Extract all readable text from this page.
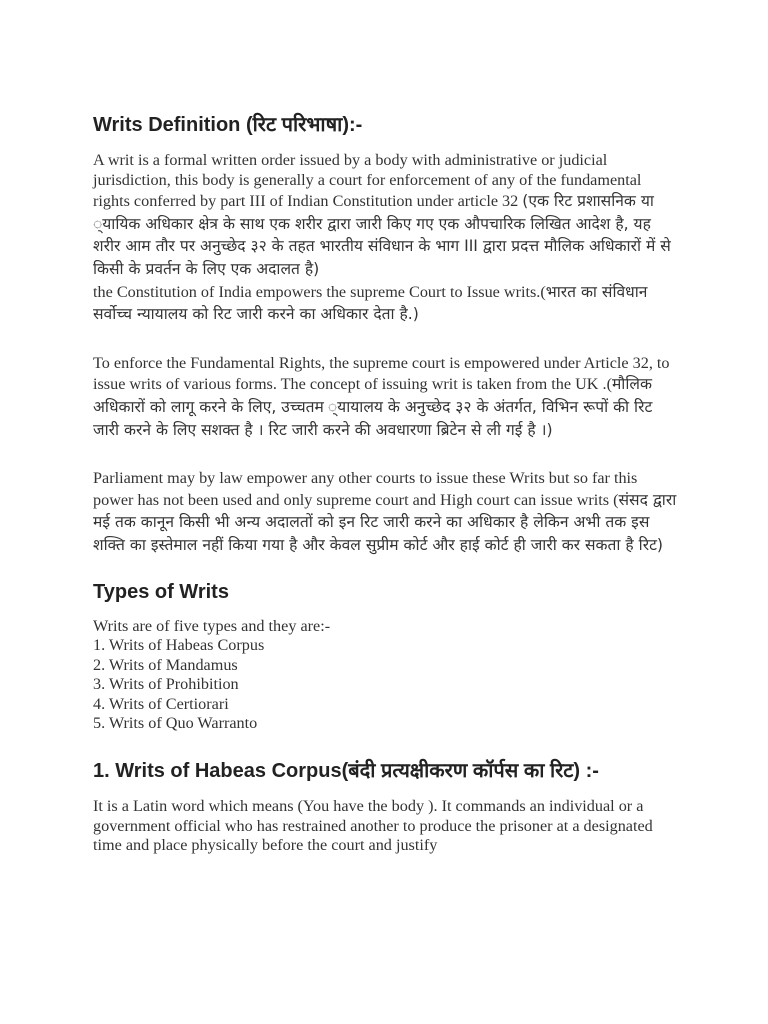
Writs Definition (रिट परिभाषा):-

A writ is a formal written order issued by a body with administrative or judicial jurisdiction, this body is generally a court for enforcement of any of the fundamental rights conferred by part III of Indian Constitution under article 32 (एक रिट प्रशासनिक या ्यायिक अधिकार क्षेत्र के साथ एक शरीर द्वारा जारी किए गए एक औपचारिक लिखित आदेश है, यह शरीर आम तौर पर अनुच्छेद ३२ के तहत भारतीय संविधान के भाग III द्वारा प्रदत्त मौलिक अधिकारों में से किसी के प्रवर्तन के लिए एक अदालत है)
the Constitution of India empowers the supreme Court to Issue writs.(भारत का संविधान सर्वोच्च न्यायालय को रिट जारी करने का अधिकार देता है.)

To enforce the Fundamental Rights, the supreme court is empowered under Article 32, to issue writs of various forms. The concept of issuing writ is taken from the UK .(मौलिक अधिकारों को लागू करने के लिए, उच्चतम ्यायालय के अनुच्छेद ३२ के अंतर्गत, विभिन रूपों की रिट जारी करने के लिए सशक्त है । रिट जारी करने की अवधारणा ब्रिटेन से ली गई है ।)

Parliament may by law empower any other courts to issue these Writs but so far this power has not been used and only supreme court and High court can issue writs (संसद द्वारा मई तक कानून किसी भी अन्य अदालतों को इन रिट जारी करने का अधिकार है लेकिन अभी तक इस शक्ति का इस्तेमाल नहीं किया गया है और केवल सुप्रीम कोर्ट और हाई कोर्ट ही जारी कर सकता है रिट)

Types of Writs

Writs are of five types and they are:-

1. Writs of Habeas Corpus
2. Writs of Mandamus
3. Writs of Prohibition
4. Writs of Certiorari
5. Writs of Quo Warranto
1. Writs of Habeas Corpus(बंदी प्रत्यक्षीकरण कॉर्पस का रिट) :-

It is a Latin word which means (You have the body ). It commands an individual or a government official who has restrained another to produce the prisoner at a designated time and place physically before the court and justify
